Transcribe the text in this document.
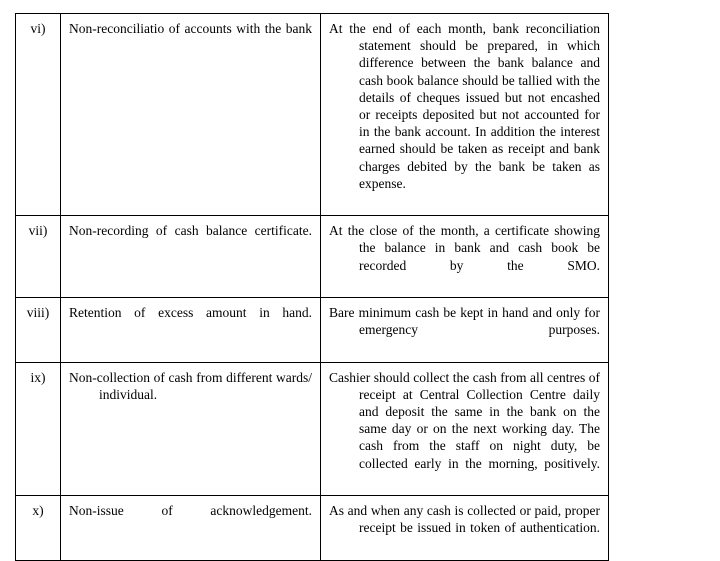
vi)	Non-reconciliatio of accounts with the bank	At the end of each month, bank reconciliation statement should be prepared, in which difference between the bank balance and cash book balance should be tallied with the details of cheques issued but not encashed or receipts deposited but not accounted for in the bank account. In addition the interest earned should be taken as receipt and bank charges debited by the bank be taken as expense.

vii)	Non-recording of cash balance certificate.	At the close of the month, a certificate showing the balance in bank and cash book be recorded by the SMO.

viii)	Retention of excess amount in hand.	Bare minimum cash be kept in hand and only for emergency purposes.

ix)	Non-collection of cash from different wards/ individual.	Cashier should collect the cash from all centres of receipt at Central Collection Centre daily and deposit the same in the bank on the same day or on the next working day. The cash from the staff on night duty, be collected early in the morning, positively.

x)	Non-issue of acknowledgement.	As and when any cash is collected or paid, proper receipt be issued in token of authentication.
